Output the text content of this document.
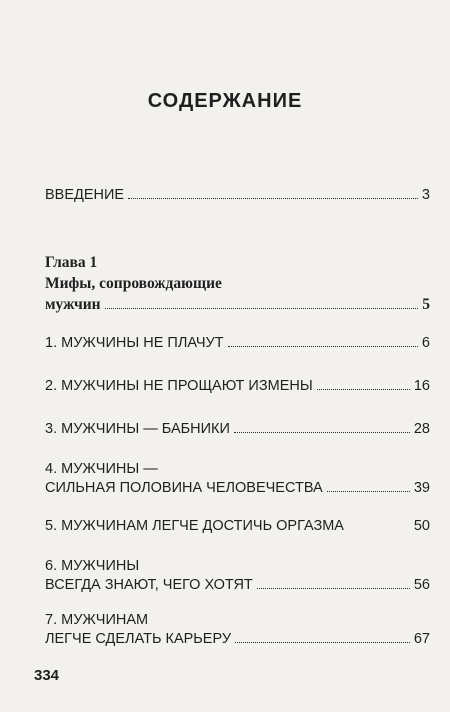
СОДЕРЖАНИЕ
ВВЕДЕНИЕ	3
Глава 1
Мифы, сопровождающие
мужчин	5
1. МУЖЧИНЫ НЕ ПЛАЧУТ	6
2. МУЖЧИНЫ НЕ ПРОЩАЮТ ИЗМЕНЫ	16
3. МУЖЧИНЫ — БАБНИКИ	28
4. МУЖЧИНЫ —
СИЛЬНАЯ ПОЛОВИНА ЧЕЛОВЕЧЕСТВА	39
5. МУЖЧИНАМ ЛЕГЧЕ ДОСТИЧЬ ОРГАЗМА	50
6. МУЖЧИНЫ
ВСЕГДА ЗНАЮТ, ЧЕГО ХОТЯТ	56
7. МУЖЧИНАМ
ЛЕГЧЕ СДЕЛАТЬ КАРЬЕРУ	67
334
